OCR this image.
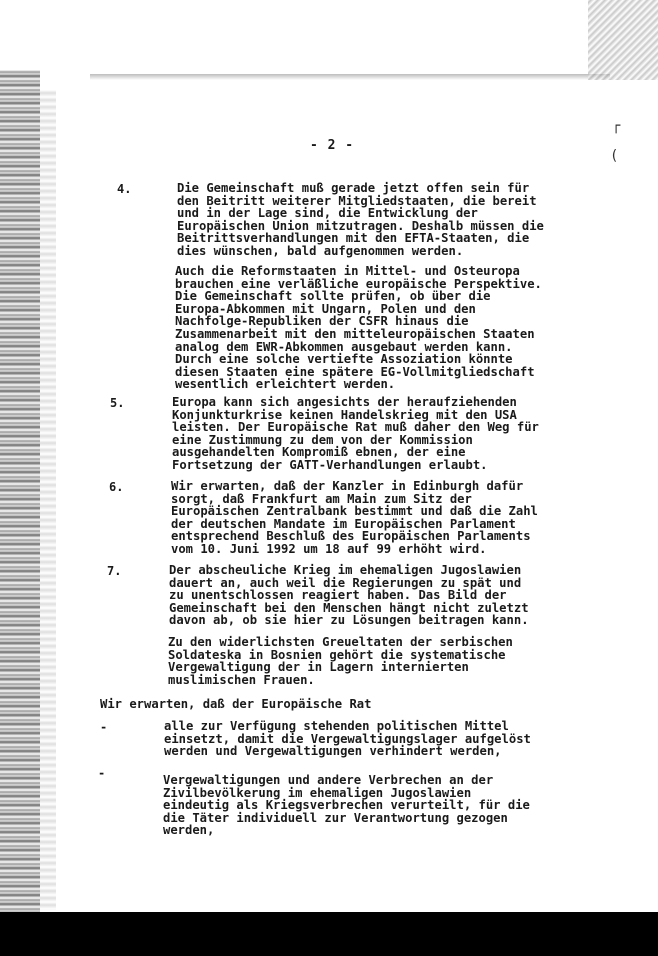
┌
(
- 2 -
4.	Die Gemeinschaft muß gerade jetzt offen sein für
den Beitritt weiterer Mitgliedstaaten, die bereit
und in der Lage sind, die Entwicklung der
Europäischen Union mitzutragen. Deshalb müssen die
Beitrittsverhandlungen mit den EFTA-Staaten, die
dies wünschen, bald aufgenommen werden.
Auch die Reformstaaten in Mittel- und Osteuropa
brauchen eine verläßliche europäische Perspektive.
Die Gemeinschaft sollte prüfen, ob über die
Europa-Abkommen mit Ungarn, Polen und den
Nachfolge-Republiken der CSFR hinaus die
Zusammenarbeit mit den mitteleuropäischen Staaten
analog dem EWR-Abkommen ausgebaut werden kann.
Durch eine solche vertiefte Assoziation könnte
diesen Staaten eine spätere EG-Vollmitgliedschaft
wesentlich erleichtert werden.
5.	Europa kann sich angesichts der heraufziehenden
Konjunkturkrise keinen Handelskrieg mit den USA
leisten. Der Europäische Rat muß daher den Weg für
eine Zustimmung zu dem von der Kommission
ausgehandelten Kompromiß ebnen, der eine
Fortsetzung der GATT-Verhandlungen erlaubt.
6.	Wir erwarten, daß der Kanzler in Edinburgh dafür
sorgt, daß Frankfurt am Main zum Sitz der
Europäischen Zentralbank bestimmt und daß die Zahl
der deutschen Mandate im Europäischen Parlament
entsprechend Beschluß des Europäischen Parlaments
vom 10. Juni 1992 um 18 auf 99 erhöht wird.
7.	Der abscheuliche Krieg im ehemaligen Jugoslawien
dauert an, auch weil die Regierungen zu spät und
zu unentschlossen reagiert haben. Das Bild der
Gemeinschaft bei den Menschen hängt nicht zuletzt
davon ab, ob sie hier zu Lösungen beitragen kann.
Zu den widerlichsten Greueltaten der serbischen
Soldateska in Bosnien gehört die systematische
Vergewaltigung der in Lagern internierten
muslimischen Frauen.
Wir erwarten, daß der Europäische Rat
-	alle zur Verfügung stehenden politischen Mittel
einsetzt, damit die Vergewaltigungslager aufgelöst
werden und Vergewaltigungen verhindert werden,
-	Vergewaltigungen und andere Verbrechen an der
Zivilbevölkerung im ehemaligen Jugoslawien
eindeutig als Kriegsverbrechen verurteilt, für die
die Täter individuell zur Verantwortung gezogen
werden,
